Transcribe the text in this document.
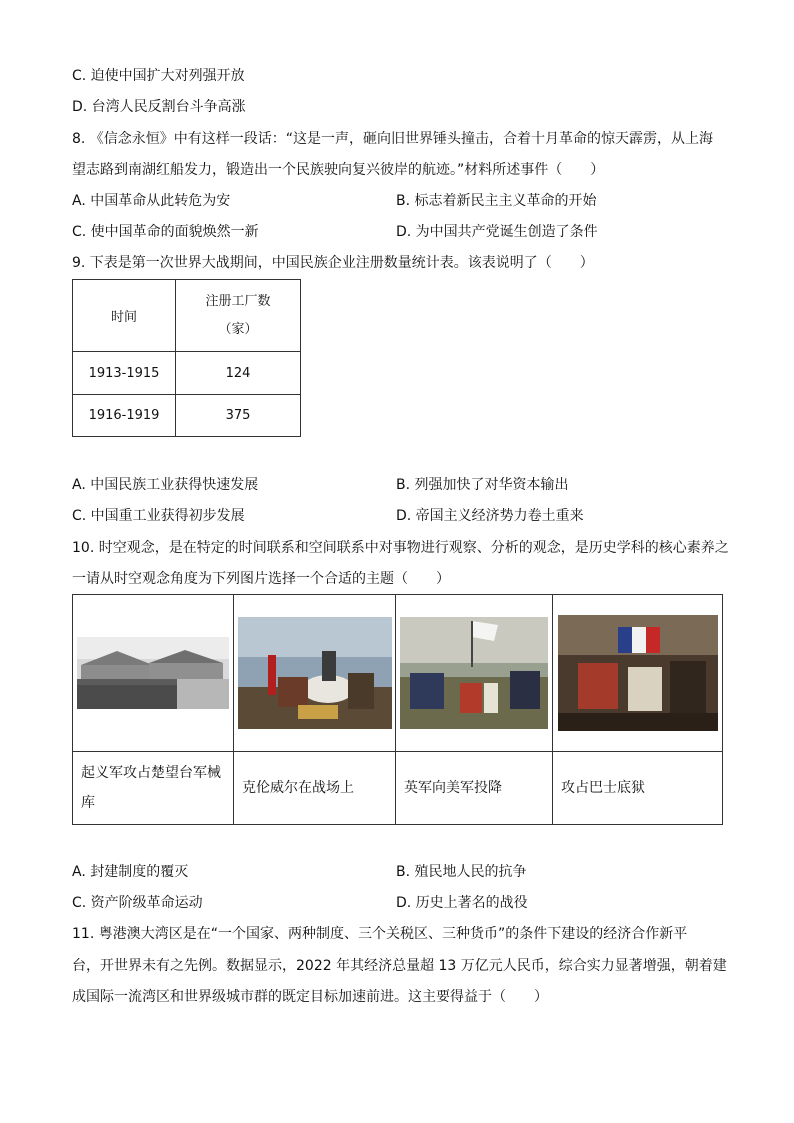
C. 迫使中国扩大对列强开放
D. 台湾人民反割台斗争高涨
8. 《信念永恒》中有这样一段话：“这是一声，砸向旧世界锤头撞击，合着十月革命的惊天霹雳，从上海
望志路到南湖红船发力，锻造出一个民族驶向复兴彼岸的航迹。”材料所述事件（　　）
A. 中国革命从此转危为安	B. 标志着新民主主义革命的开始
C. 使中国革命的面貌焕然一新	D. 为中国共产党诞生创造了条件
9. 下表是第一次世界大战期间，中国民族企业注册数量统计表。该表说明了（　　）
时间	注册工厂数
（家）

1913-1915	124
1916-1919	375
A. 中国民族工业获得快速发展	B. 列强加快了对华资本输出
C. 中国重工业获得初步发展	D. 帝国主义经济势力卷土重来
10. 时空观念，是在特定的时间联系和空间联系中对事物进行观察、分析的观念，是历史学科的核心素养之
一请从时空观念角度为下列图片选择一个合适的主题（　　）

起义军攻占楚望台军械
库	克伦威尔在战场上	英军向美军投降	攻占巴士底狱
A. 封建制度的覆灭	B. 殖民地人民的抗争
C. 资产阶级革命运动	D. 历史上著名的战役
11. 粤港澳大湾区是在“一个国家、两种制度、三个关税区、三种货币”的条件下建设的经济合作新平
台，开世界未有之先例。数据显示，2022 年其经济总量超 13 万亿元人民币，综合实力显著增强，朝着建
成国际一流湾区和世界级城市群的既定目标加速前进。这主要得益于（　　）
